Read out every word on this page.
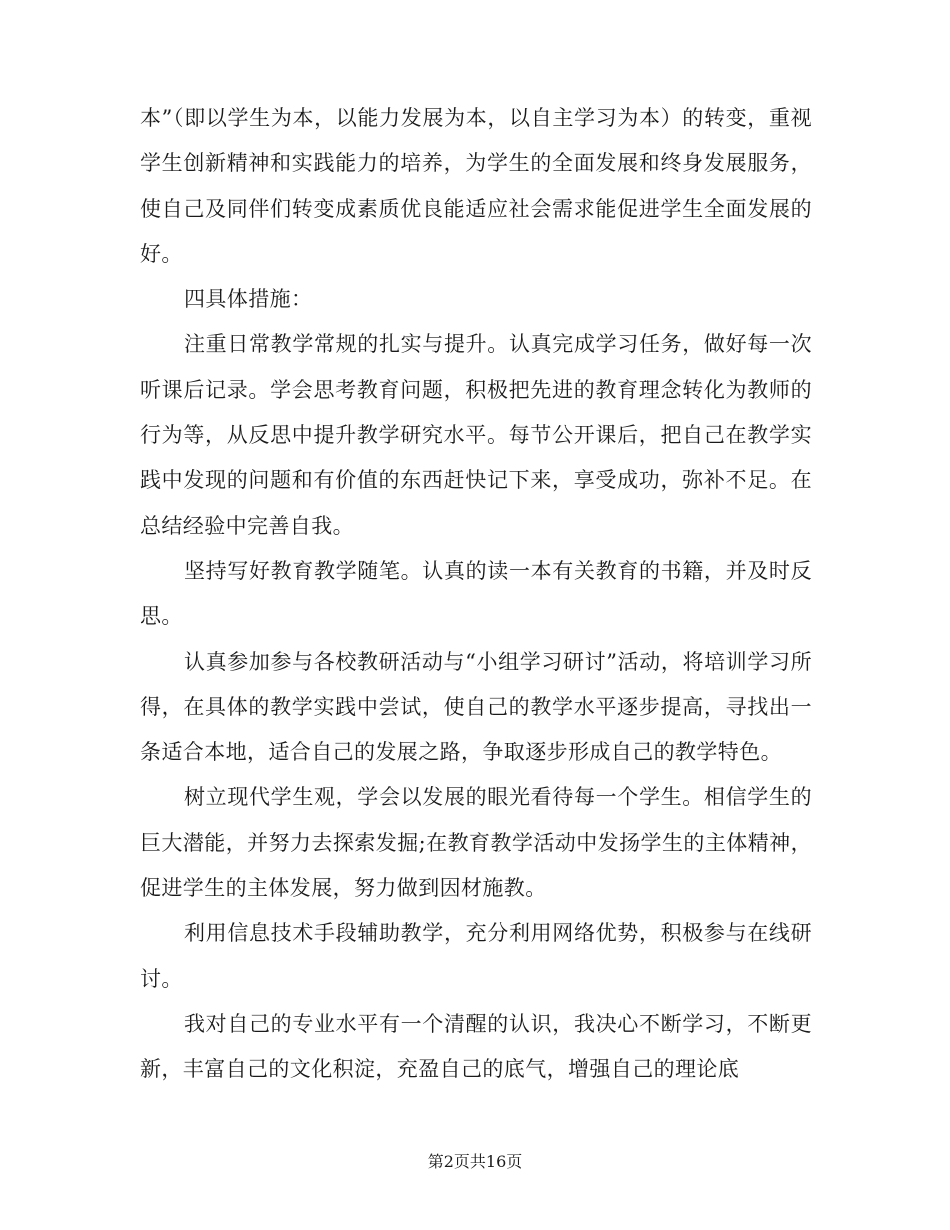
本”（即以学生为本，以能力发展为本，以自主学习为本）的转变，重视学生创新精神和实践能力的培养，为学生的全面发展和终身发展服务，使自己及同伴们转变成素质优良能适应社会需求能促进学生全面发展的好。

四具体措施：

注重日常教学常规的扎实与提升。认真完成学习任务，做好每一次听课后记录。学会思考教育问题，积极把先进的教育理念转化为教师的行为等，从反思中提升教学研究水平。每节公开课后，把自己在教学实践中发现的问题和有价值的东西赶快记下来，享受成功，弥补不足。在总结经验中完善自我。

坚持写好教育教学随笔。认真的读一本有关教育的书籍，并及时反思。

认真参加参与各校教研活动与“小组学习研讨”活动，将培训学习所得，在具体的教学实践中尝试，使自己的教学水平逐步提高，寻找出一条适合本地，适合自己的发展之路，争取逐步形成自己的教学特色。

树立现代学生观，学会以发展的眼光看待每一个学生。相信学生的巨大潜能，并努力去探索发掘;在教育教学活动中发扬学生的主体精神，促进学生的主体发展，努力做到因材施教。

利用信息技术手段辅助教学，充分利用网络优势，积极参与在线研讨。

我对自己的专业水平有一个清醒的认识，我决心不断学习，不断更新，丰富自己的文化积淀，充盈自己的底气，增强自己的理论底

第2页共16页
